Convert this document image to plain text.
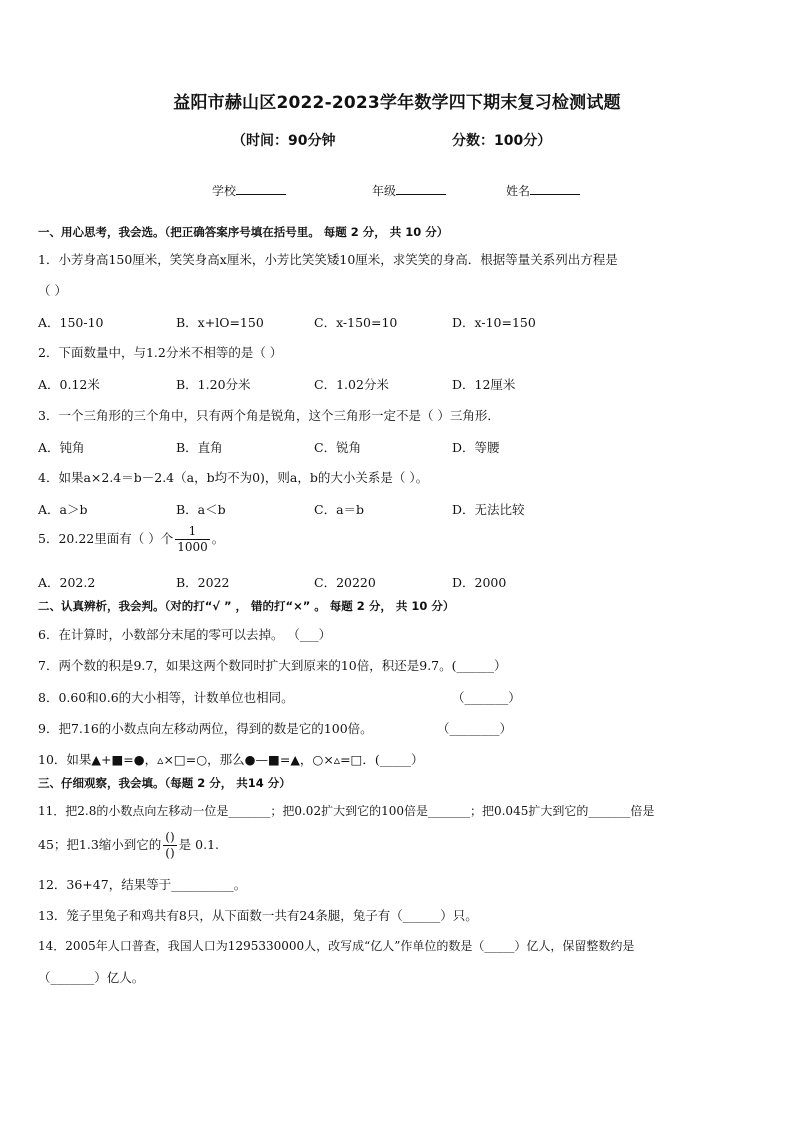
益阳市赫山区2022-2023学年数学四下期末复习检测试题
（时间：90分钟	分数：100分）
学校	年级	姓名
一、用心思考，我会选。（把正确答案序号填在括号里。 每题 2 分， 共 10 分）
1．小芳身高150厘米，笑笑身高x厘米，小芳比笑笑矮10厘米，求笑笑的身高．根据等量关系列出方程是
（ ）
A．150-10	B．x+lO=150	C．x-150=10	D．x-10=150
2．下面数量中，与1.2分米不相等的是（ ）
A．0.12米	B．1.20分米	C．1.02分米	D．12厘米
3．一个三角形的三个角中，只有两个角是锐角，这个三角形一定不是（ ）三角形．
A．钝角	B．直角	C．锐角	D．等腰
4．如果a×2.4＝b－2.4（a，b均不为0)，则a，b的大小关系是（ ）。
A．a＞b	B．a＜b	C．a＝b	D．无法比较
5．20.22里面有（ ）个 $\frac{1}{1000}$ 。
A．202.2	B．2022	C．20220	D．2000
二、认真辨析，我会判。（对的打“√ ” ， 错的打“×” 。 每题 2 分， 共 10 分）
6．在计算时，小数部分末尾的零可以去掉。 （___）
7．两个数的积是9.7，如果这两个数同时扩大到原来的10倍，积还是9.7。(______）
8．0.60和0.6的大小相等，计数单位也相同。	（_______）
9．把7.16的小数点向左移动两位，得到的数是它的100倍。	（________）
10．如果▲+■=●，▵×□=○，那么●—■=▲，○×▵=□．(_____）
三、仔细观察，我会填。（每题 2 分， 共14 分）
11．把2.8的小数点向左移动一位是_______；把0.02扩大到它的100倍是_______；把0.045扩大到它的_______倍是
45；把1.3缩小到它的 $\frac{()}{()}$ 是 0.1.
12．36+47，结果等于__________。
13．笼子里兔子和鸡共有8只，从下面数一共有24条腿，兔子有（______）只。
14．2005年人口普查，我国人口为1295330000人，改写成“亿人”作单位的数是（_____）亿人，保留整数约是
（_______）亿人。
